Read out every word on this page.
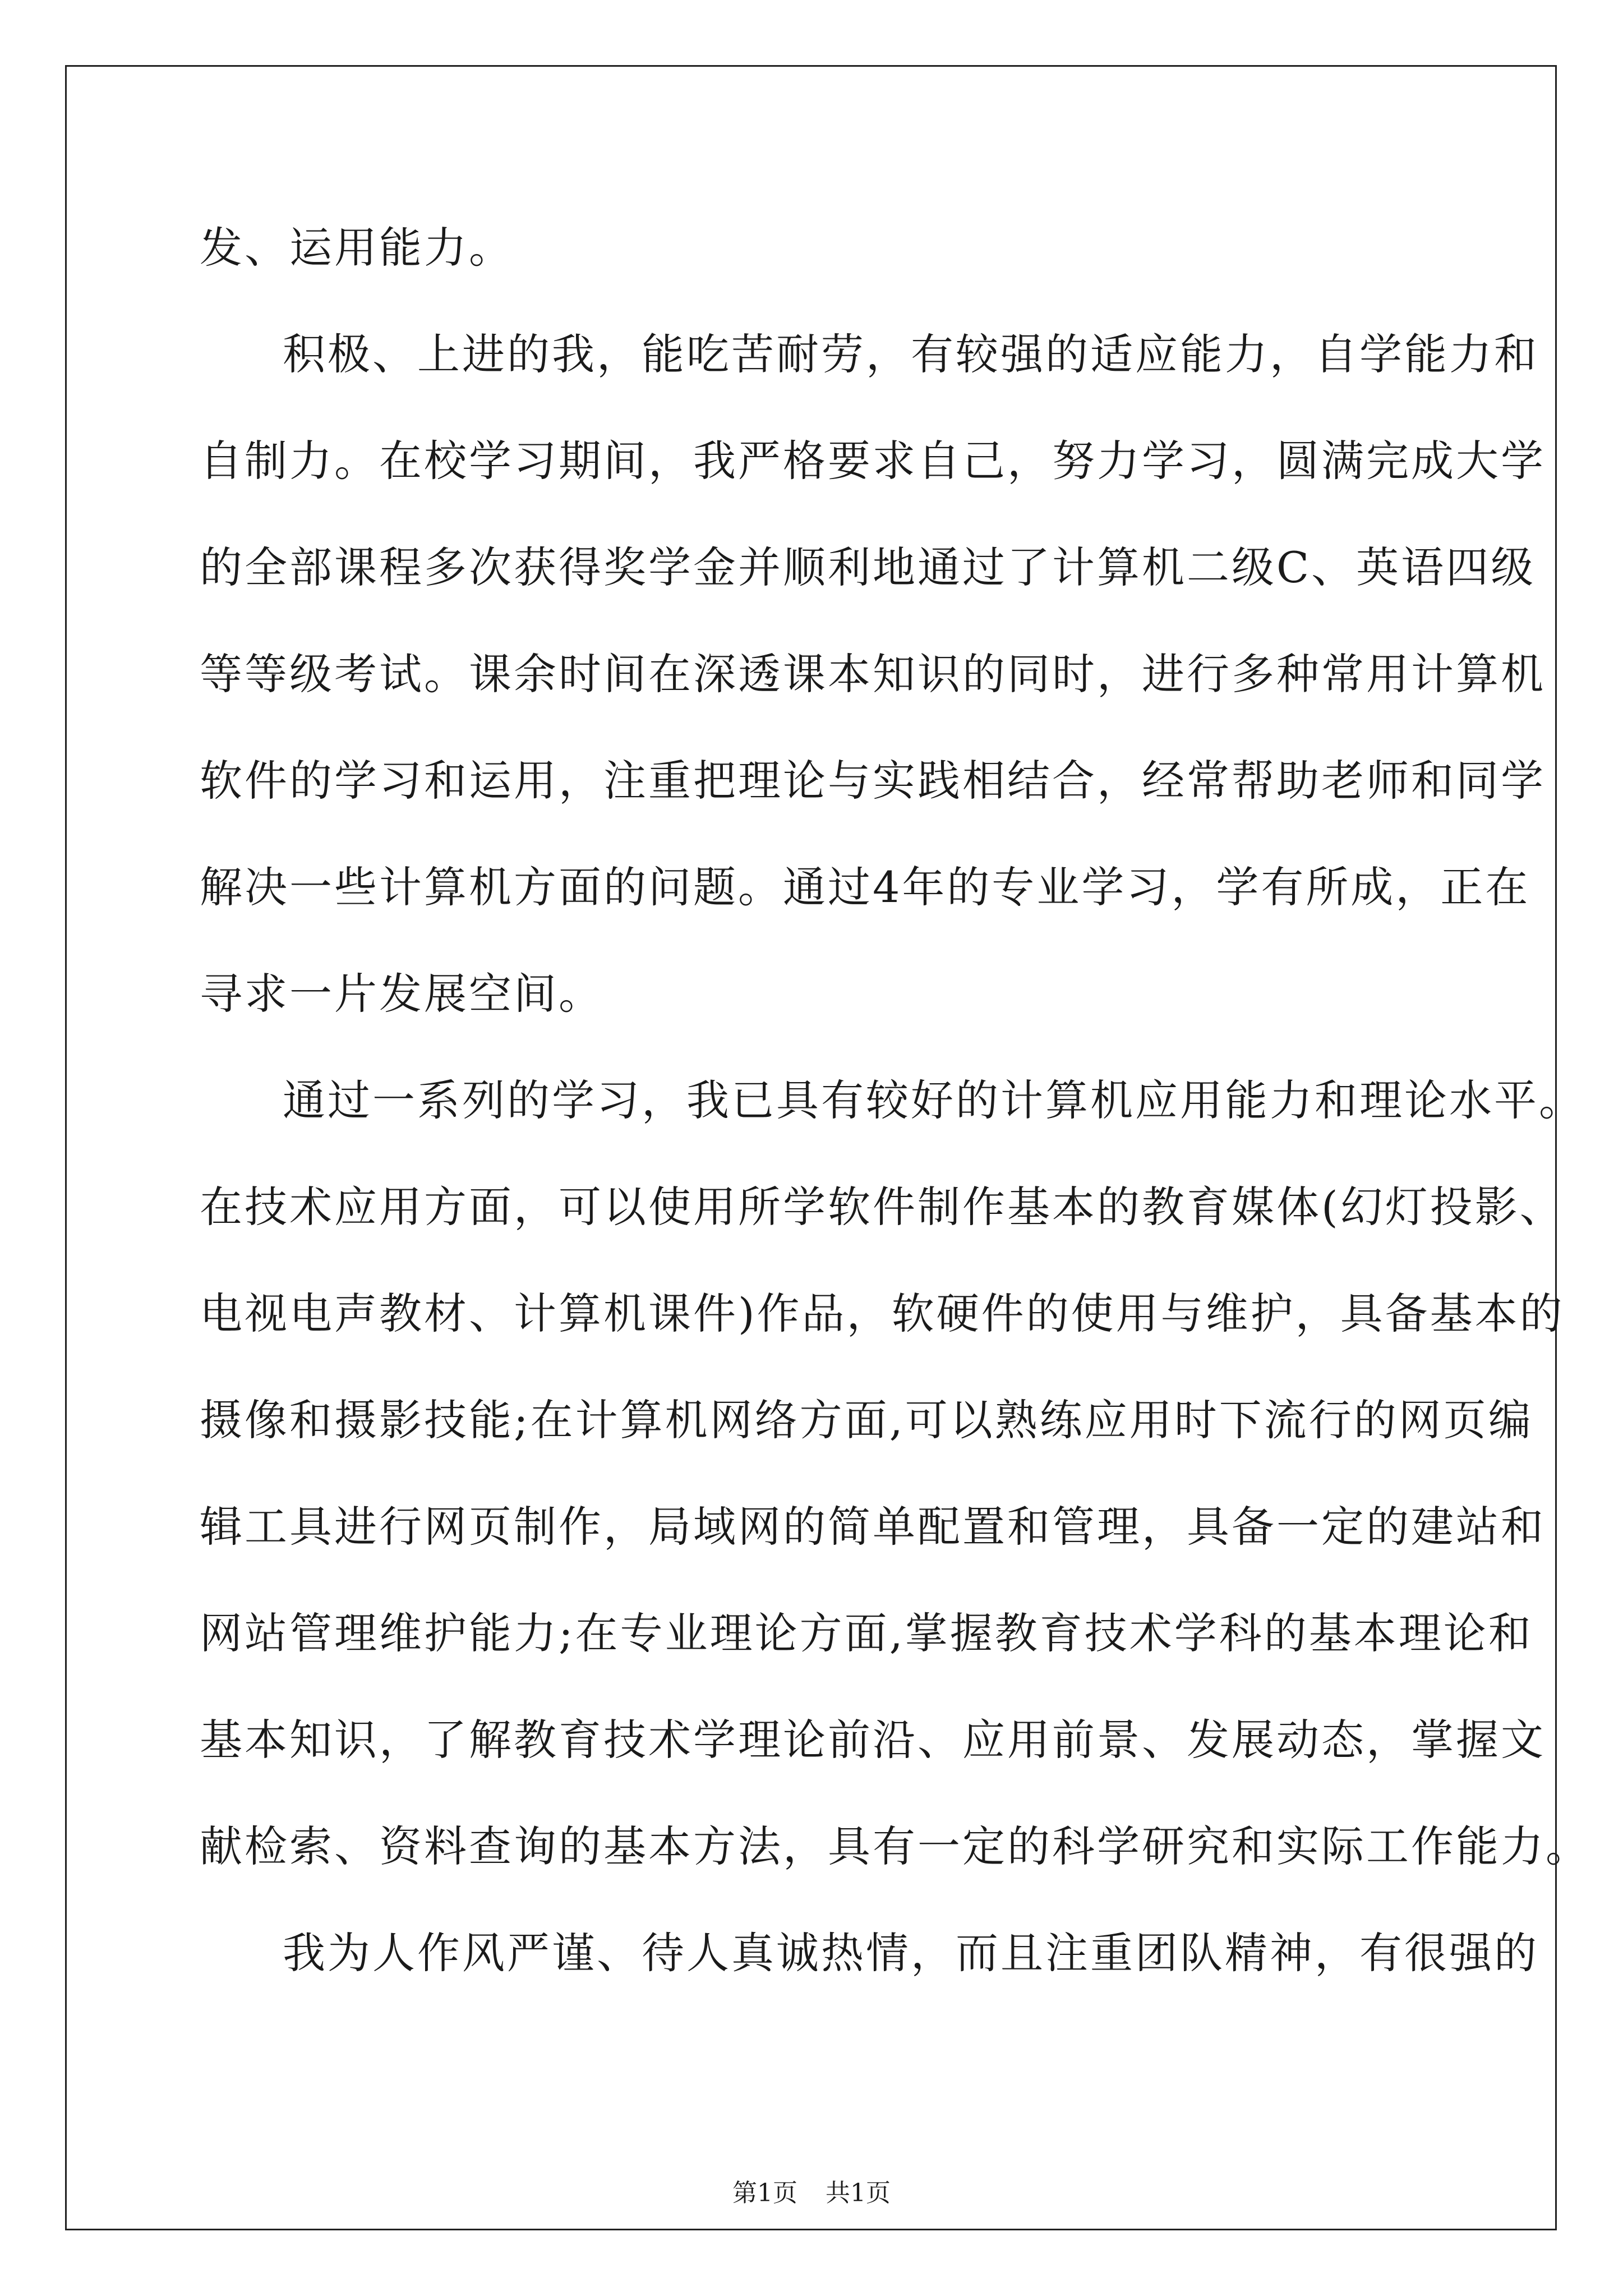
发、运用能力。
积极、上进的我，能吃苦耐劳，有较强的适应能力，自学能力和
自制力。在校学习期间，我严格要求自己，努力学习，圆满完成大学
的全部课程多次获得奖学金并顺利地通过了计算机二级C、英语四级
等等级考试。课余时间在深透课本知识的同时，进行多种常用计算机
软件的学习和运用，注重把理论与实践相结合，经常帮助老师和同学
解决一些计算机方面的问题。通过4年的专业学习，学有所成，正在
寻求一片发展空间。
通过一系列的学习，我已具有较好的计算机应用能力和理论水平。
在技术应用方面，可以使用所学软件制作基本的教育媒体(幻灯投影、
电视电声教材、计算机课件)作品，软硬件的使用与维护，具备基本的
摄像和摄影技能;在计算机网络方面,可以熟练应用时下流行的网页编
辑工具进行网页制作，局域网的简单配置和管理，具备一定的建站和
网站管理维护能力;在专业理论方面,掌握教育技术学科的基本理论和
基本知识，了解教育技术学理论前沿、应用前景、发展动态，掌握文
献检索、资料查询的基本方法，具有一定的科学研究和实际工作能力。
我为人作风严谨、待人真诚热情，而且注重团队精神，有很强的
第1页 共1页
